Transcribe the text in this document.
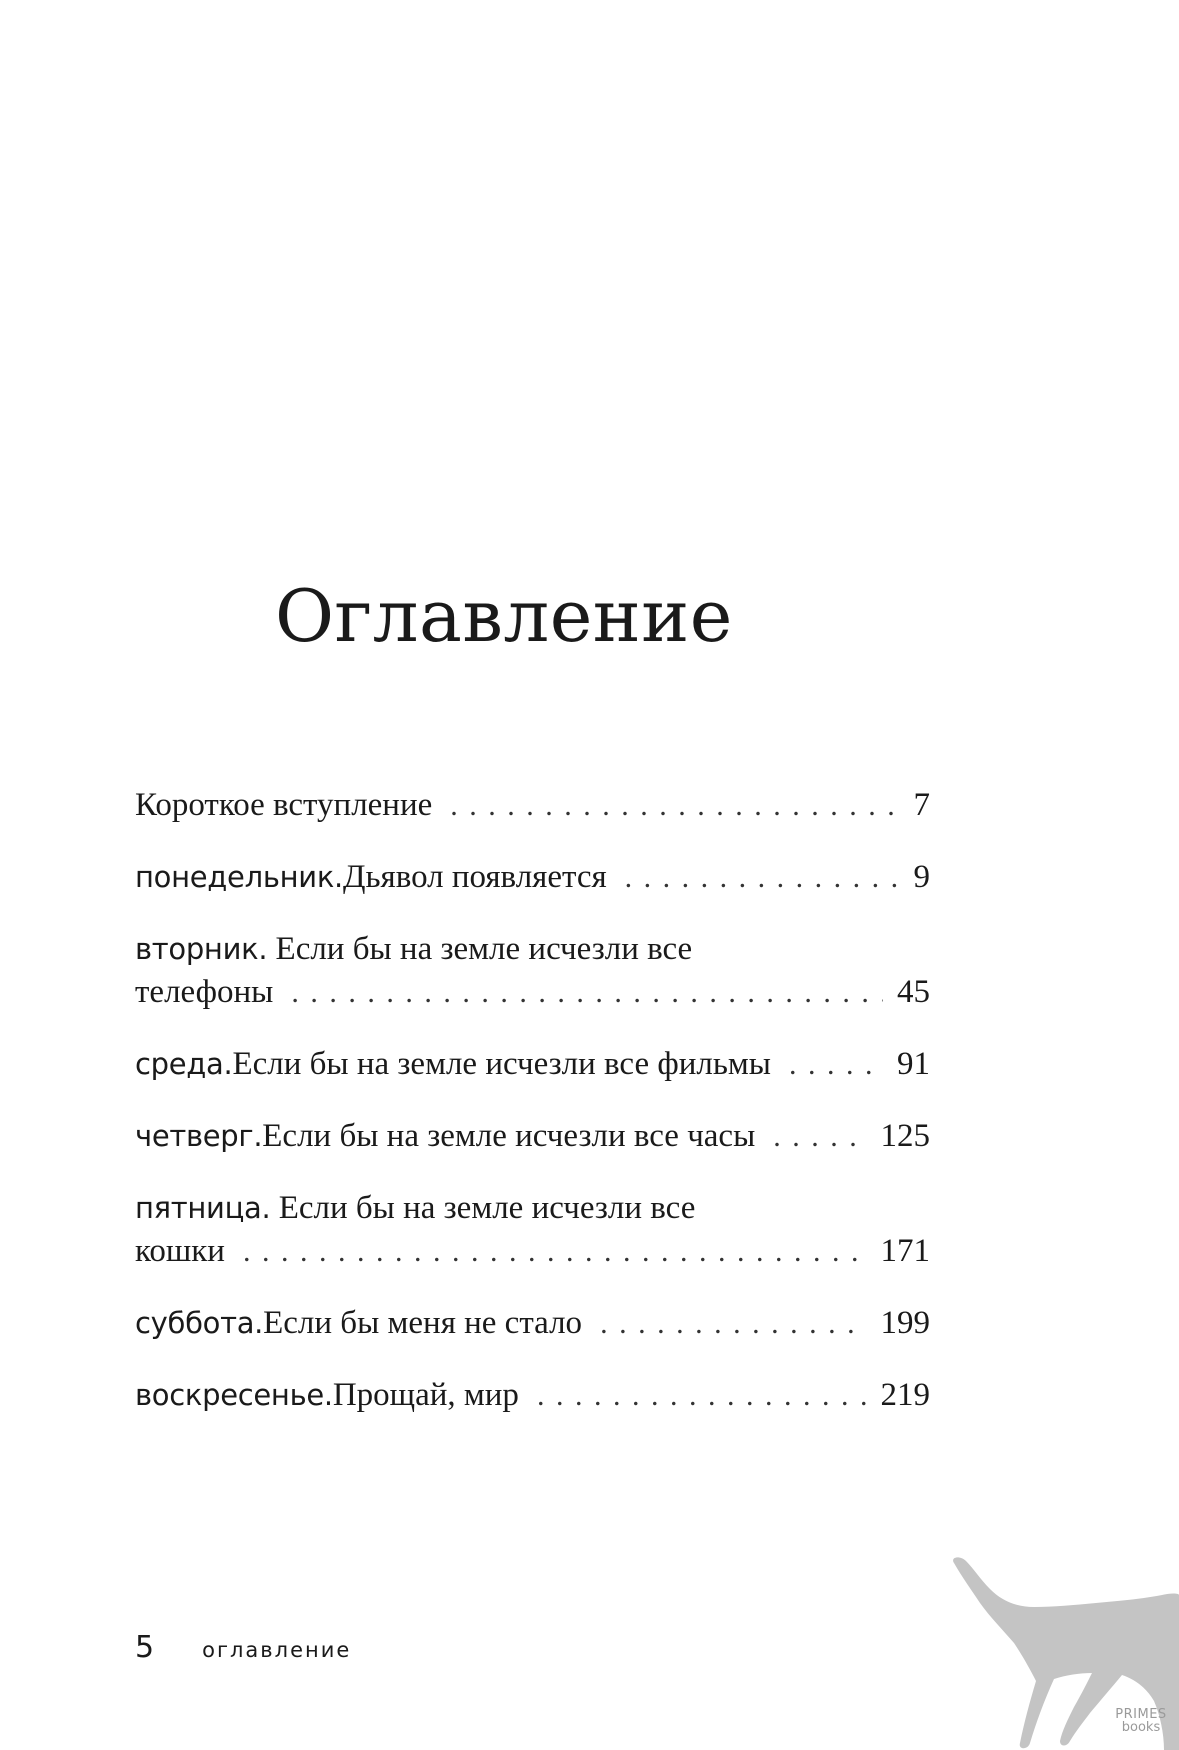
Оглавление
Короткое вступление . . .	7
понедельник. Дьявол появляется . . .	9
вторник. Если бы на земле исчезли все
телефоны . . .	45
среда. Если бы на земле исчезли все фильмы . . .	91
четверг. Если бы на земле исчезли все часы . . .	125
пятница. Если бы на земле исчезли все
кошки . . .	171
суббота. Если бы меня не стало . . .	199
воскресенье. Прощай, мир . . .	219
5 оглавление
PRIMES
books
